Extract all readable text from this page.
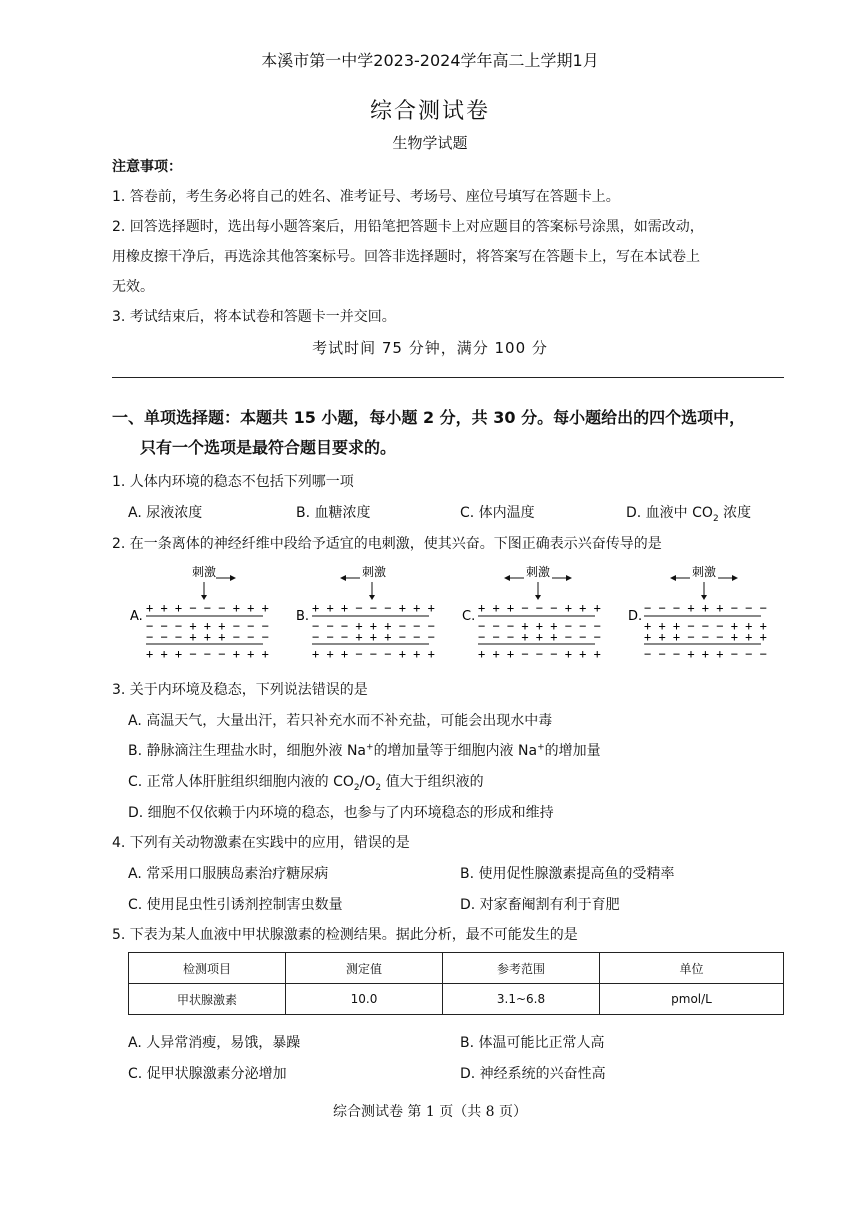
本溪市第一中学2023-2024学年高二上学期1月
综合测试卷
生物学试题
注意事项：
1. 答卷前，考生务必将自己的姓名、准考证号、考场号、座位号填写在答题卡上。
2. 回答选择题时，选出每小题答案后，用铅笔把答题卡上对应题目的答案标号涂黑，如需改动，
用橡皮擦干净后，再选涂其他答案标号。回答非选择题时，将答案写在答题卡上，写在本试卷上
无效。
3. 考试结束后，将本试卷和答题卡一并交回。
考试时间 75 分钟，满分 100 分
一、单项选择题：本题共 15 小题，每小题 2 分，共 30 分。每小题给出的四个选项中，
只有一个选项是最符合题目要求的。
1. 人体内环境的稳态不包括下列哪一项
A. 尿液浓度	B. 血糖浓度	C. 体内温度	D. 血液中 $CO_2$ 浓度
2. 在一条离体的神经纤维中段给予适宜的电刺激，使其兴奋。下图正确表示兴奋传导的是
A.
刺激
+ + + − − − + + +
− − − + + + − − −
− − − + + + − − −
+ + + − − − + + +
B.
刺激
+ + + − − − + + +
− − − + + + − − −
− − − + + + − − −
+ + + − − − + + +
C.
刺激
+ + + − − − + + +
− − − + + + − − −
− − − + + + − − −
+ + + − − − + + +
D.
刺激
− − − + + + − − −
+ + + − − − + + +
+ + + − − − + + +
− − − + + + − − −
3. 关于内环境及稳态，下列说法错误的是
A. 高温天气，大量出汗，若只补充水而不补充盐，可能会出现水中毒
B. 静脉滴注生理盐水时，细胞外液 Na+的增加量等于细胞内液 Na+的增加量
C. 正常人体肝脏组织细胞内液的 $CO_2/O_2$ 值大于组织液的
D. 细胞不仅依赖于内环境的稳态，也参与了内环境稳态的形成和维持
4. 下列有关动物激素在实践中的应用，错误的是
A. 常采用口服胰岛素治疗糖尿病	B. 使用促性腺激素提高鱼的受精率
C. 使用昆虫性引诱剂控制害虫数量	D. 对家畜阉割有利于育肥
5. 下表为某人血液中甲状腺激素的检测结果。据此分析，最不可能发生的是
检测项目	测定值	参考范围	单位
甲状腺激素	10.0	3.1~6.8	pmol/L
A. 人异常消瘦，易饿，暴躁	B. 体温可能比正常人高
C. 促甲状腺激素分泌增加	D. 神经系统的兴奋性高
综合测试卷 第 1 页（共 8 页）
